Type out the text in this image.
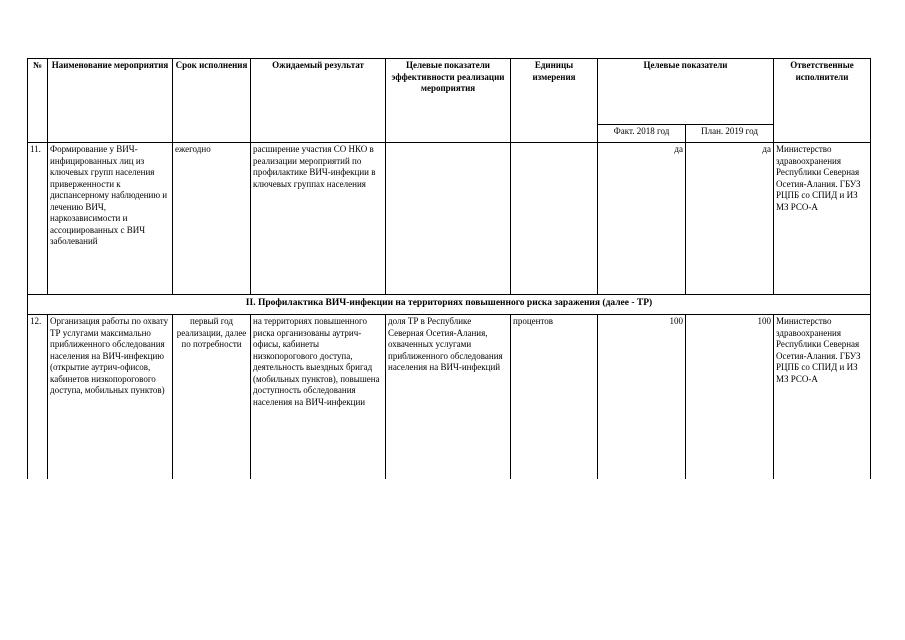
№	Наименование мероприятия	Срок исполнения	Ожидаемый результат	Целевые показатели эффективности реализации мероприятия	Единицы измерения	Целевые показатели		Ответственные исполнители
						Факт. 2018 год	План. 2019 год	
11.	Формирование у ВИЧ-инфицированных лиц из ключевых групп населения приверженности к диспансерному наблюдению и лечению ВИЧ, наркозависимости и ассоциированных с ВИЧ заболеваний	ежегодно	расширение участия СО НКО в реализации мероприятий по профилактике ВИЧ-инфекции в ключевых группах населения			да	да	Министерство здравоохранения Республики Северная Осетия-Алания. ГБУЗ РЦПБ со СПИД и ИЗ МЗ РСО-А
II. Профилактика ВИЧ-инфекции на территориях повышенного риска заражения (далее - ТР)								
12.	Организация работы по охвату ТР услугами максимально приближенного обследования населения на ВИЧ-инфекцию (открытие аутрич-офисов, кабинетов низкопорогового доступа, мобильных пунктов)	первый год реализации, далее по потребности	на территориях повышенного риска организованы аутрич-офисы, кабинеты низкопорогового доступа, деятельность выездных бригад (мобильных пунктов), повышена доступность обследования населения на ВИЧ-инфекции	доля ТР в Республике Северная Осетия-Алания, охваченных услугами приближенного обследования населения на ВИЧ-инфекций	процентов	100	100	Министерство здравоохранения Республики Северная Осетия-Алания. ГБУЗ РЦПБ со СПИД и ИЗ МЗ РСО-А
